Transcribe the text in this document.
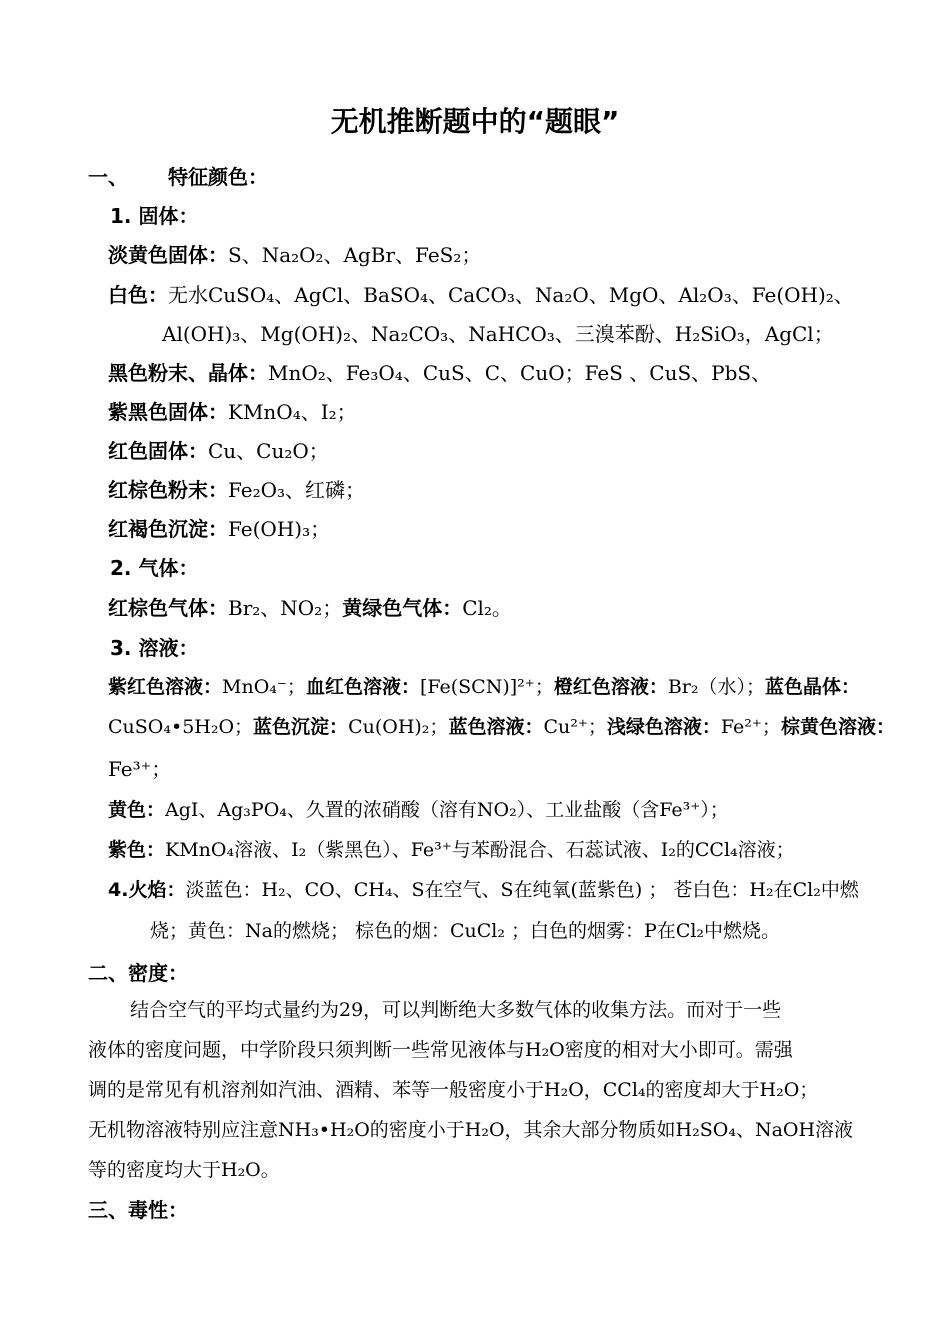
无机推断题中的“题眼”
一、 特征颜色：
1. 固体：
淡黄色固体：S、Na₂O₂、AgBr、FeS₂；
白色：无水CuSO₄、AgCl、BaSO₄、CaCO₃、Na₂O、MgO、Al₂O₃、Fe(OH)₂、
Al(OH)₃、Mg(OH)₂、Na₂CO₃、NaHCO₃、三溴苯酚、H₂SiO₃，AgCl；
黑色粉末、晶体：MnO₂、Fe₃O₄、CuS、C、CuO；FeS 、CuS、PbS、
紫黑色固体：KMnO₄、I₂；
红色固体：Cu、Cu₂O；
红棕色粉末：Fe₂O₃、红磷；
红褐色沉淀：Fe(OH)₃；
2. 气体：
红棕色气体：Br₂、NO₂；黄绿色气体：Cl₂。
3. 溶液：
紫红色溶液：MnO₄⁻；血红色溶液：[Fe(SCN)]²⁺；橙红色溶液：Br₂（水）；蓝色晶体：
CuSO₄•5H₂O；蓝色沉淀：Cu(OH)₂；蓝色溶液：Cu²⁺；浅绿色溶液：Fe²⁺；棕黄色溶液：
Fe³⁺；
黄色：AgI、Ag₃PO₄、久置的浓硝酸（溶有NO₂）、工业盐酸（含Fe³⁺）；
紫色：KMnO₄溶液、I₂（紫黑色）、Fe³⁺与苯酚混合、石蕊试液、I₂的CCl₄溶液；
4.火焰：淡蓝色：H₂、CO、CH₄、S在空气、S在纯氧(蓝紫色) ； 苍白色：H₂在Cl₂中燃
烧；黄色：Na的燃烧； 棕色的烟：CuCl₂ ；白色的烟雾：P在Cl₂中燃烧。
二、密度：
结合空气的平均式量约为29，可以判断绝大多数气体的收集方法。而对于一些
液体的密度问题，中学阶段只须判断一些常见液体与H₂O密度的相对大小即可。需强
调的是常见有机溶剂如汽油、酒精、苯等一般密度小于H₂O，CCl₄的密度却大于H₂O；
无机物溶液特别应注意NH₃•H₂O的密度小于H₂O，其余大部分物质如H₂SO₄、NaOH溶液
等的密度均大于H₂O。
三、毒性：
